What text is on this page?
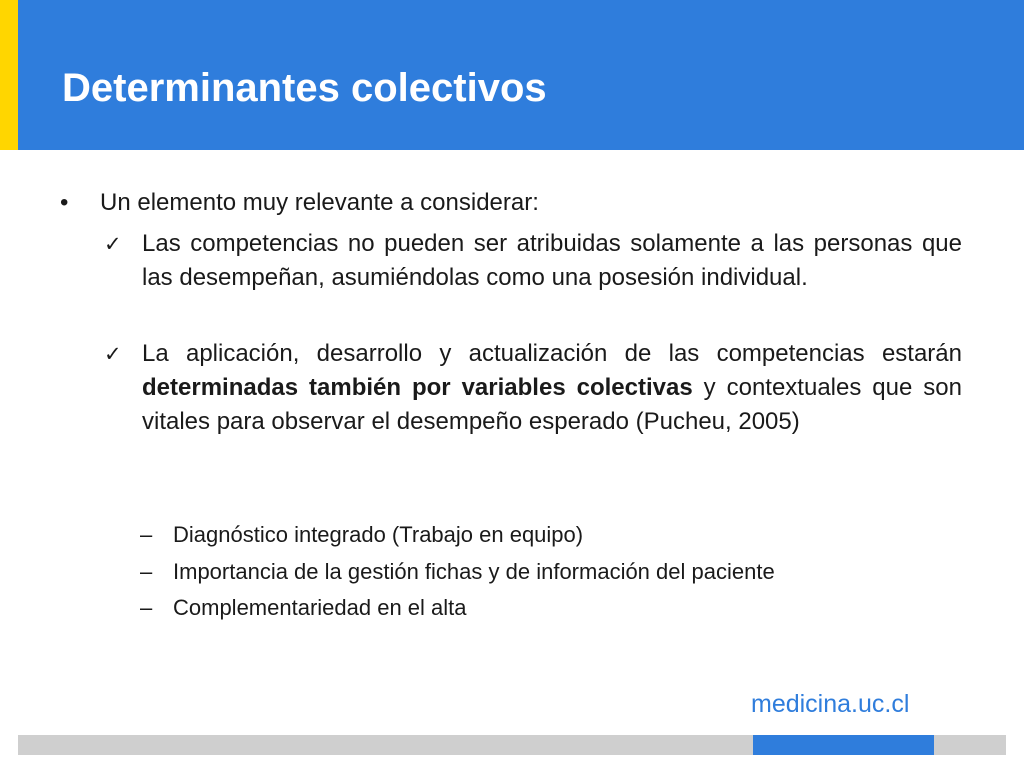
Determinantes colectivos
• Un elemento muy relevante a considerar:
✓ Las competencias no pueden ser atribuidas solamente a las personas que las desempeñan, asumiéndolas como una posesión individual.
✓ La aplicación, desarrollo y actualización de las competencias estarán determinadas también por variables colectivas y contextuales que son vitales para observar el desempeño esperado (Pucheu, 2005)
– Diagnóstico integrado (Trabajo en equipo)
– Importancia de la gestión fichas y de información del paciente
– Complementariedad en el alta
medicina.uc.cl
